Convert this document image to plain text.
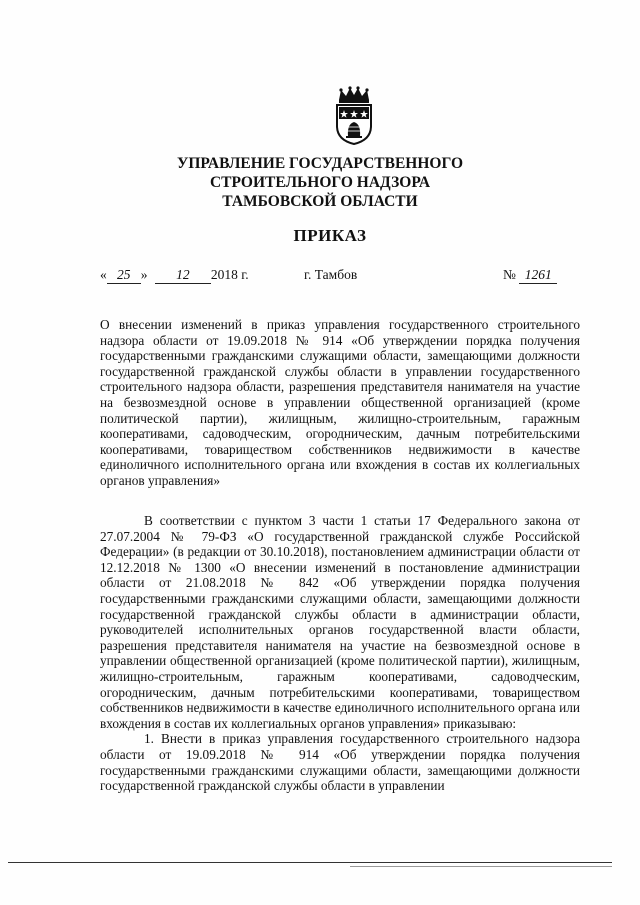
УПРАВЛЕНИЕ ГОСУДАРСТВЕННОГО
СТРОИТЕЛЬНОГО НАДЗОРА
ТАМБОВСКОЙ ОБЛАСТИ
ПРИКАЗ
« 25 » 12 2018 г.	г. Тамбов	№ 1261
О внесении изменений в приказ управления государственного строительного надзора области от 19.09.2018 № 914 «Об утверждении порядка получения государственными гражданскими служащими области, замещающими должности государственной гражданской службы области в управлении государственного строительного надзора области, разрешения представителя нанимателя на участие на безвозмездной основе в управлении общественной организацией (кроме политической партии), жилищным, жилищно-строительным, гаражным кооперативами, садоводческим, огородническим, дачным потребительскими кооперативами, товариществом собственников недвижимости в качестве единоличного исполнительного органа или вхождения в состав их коллегиальных органов управления»

В соответствии с пунктом 3 части 1 статьи 17 Федерального закона от 27.07.2004 № 79-ФЗ «О государственной гражданской службе Российской Федерации» (в редакции от 30.10.2018), постановлением администрации области от 12.12.2018 № 1300 «О внесении изменений в постановление администрации области от 21.08.2018 № 842 «Об утверждении порядка получения государственными гражданскими служащими области, замещающими должности государственной гражданской службы области в администрации области, руководителей исполнительных органов государственной власти области, разрешения представителя нанимателя на участие на безвозмездной основе в управлении общественной организацией (кроме политической партии), жилищным, жилищно-строительным, гаражным кооперативами, садоводческим, огородническим, дачным потребительскими кооперативами, товариществом собственников недвижимости в качестве единоличного исполнительного органа или вхождения в состав их коллегиальных органов управления» приказываю:

1. Внести в приказ управления государственного строительного надзора области от 19.09.2018 № 914 «Об утверждении порядка получения государственными гражданскими служащими области, замещающими должности государственной гражданской службы области в управлении
